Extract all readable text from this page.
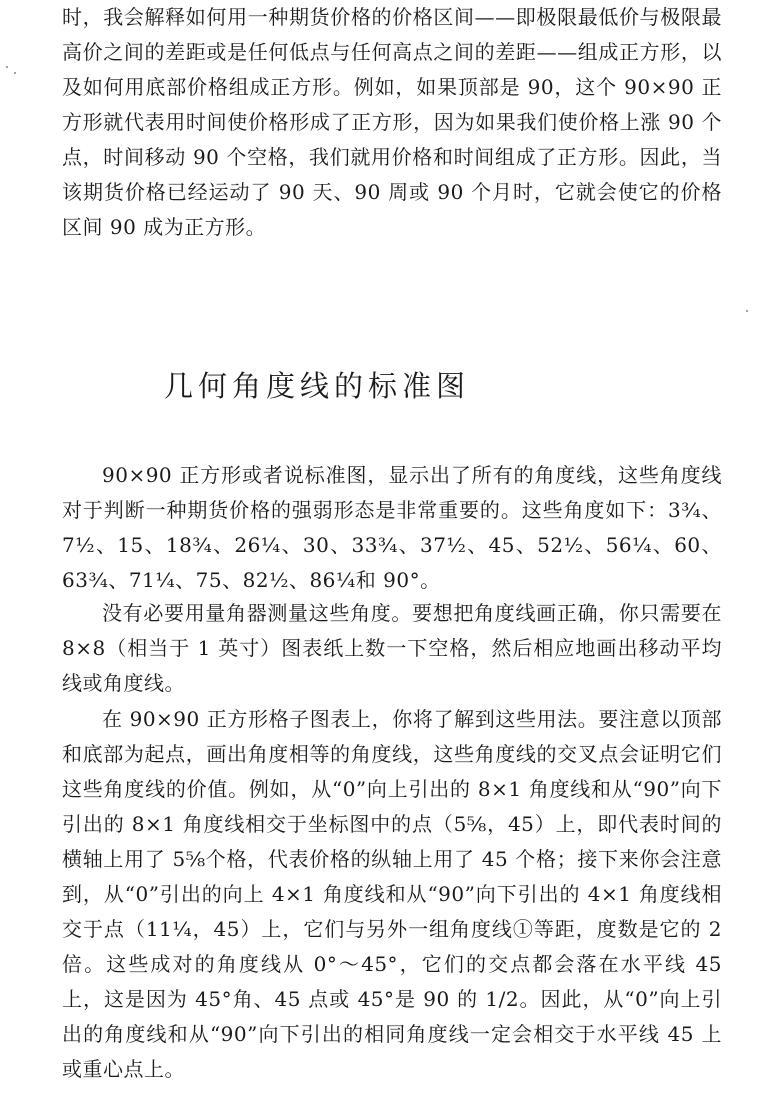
时，我会解释如何用一种期货价格的价格区间——即极限最低价与极限最高价之间的差距或是任何低点与任何高点之间的差距——组成正方形，以及如何用底部价格组成正方形。例如，如果顶部是 90，这个 90×90 正方形就代表用时间使价格形成了正方形，因为如果我们使价格上涨 90 个点，时间移动 90 个空格，我们就用价格和时间组成了正方形。因此，当该期货价格已经运动了 90 天、90 周或 90 个月时，它就会使它的价格区间 90 成为正方形。

几何角度线的标准图

90×90 正方形或者说标准图，显示出了所有的角度线，这些角度线对于判断一种期货价格的强弱形态是非常重要的。这些角度如下：3¾、7½、15、18¾、26¼、30、33¾、37½、45、52½、56¼、60、63¾、71¼、75、82½、86¼和 90°。

没有必要用量角器测量这些角度。要想把角度线画正确，你只需要在 8×8（相当于 1 英寸）图表纸上数一下空格，然后相应地画出移动平均线或角度线。

在 90×90 正方形格子图表上，你将了解到这些用法。要注意以顶部和底部为起点，画出角度相等的角度线，这些角度线的交叉点会证明它们这些角度线的价值。例如，从“0”向上引出的 8×1 角度线和从“90”向下引出的 8×1 角度线相交于坐标图中的点（5⅝，45）上，即代表时间的横轴上用了 5⅝个格，代表价格的纵轴上用了 45 个格；接下来你会注意到，从“0”引出的向上 4×1 角度线和从“90”向下引出的 4×1 角度线相交于点（11¼，45）上，它们与另外一组角度线①等距，度数是它的 2 倍。这些成对的角度线从 0°～45°，它们的交点都会落在水平线 45 上，这是因为 45°角、45 点或 45°是 90 的 1/2。因此，从“0”向上引出的角度线和从“90”向下引出的相同角度线一定会相交于水平线 45 上或重心点上。
